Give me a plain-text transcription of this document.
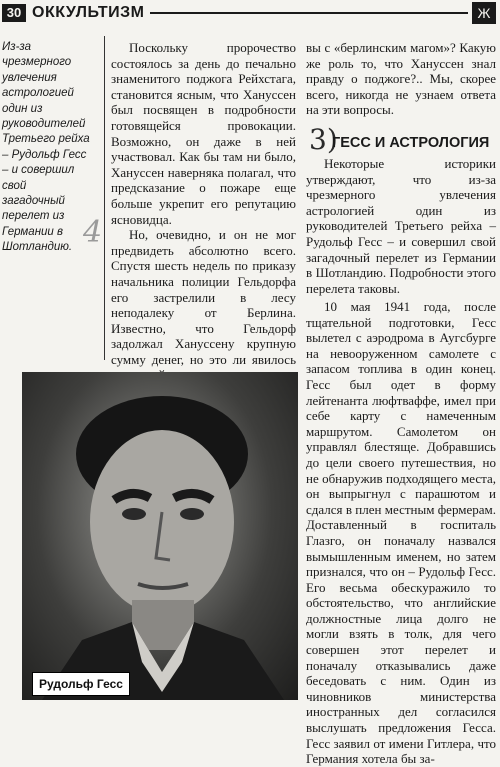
30 ОККУЛЬТИЗМ	Ж
Из-за чрезмерного увлечения астрологией один из руководителей Третьего рейха – Рудольф Гесс – и совершил свой загадочный перелет из Германии в Шотландию. 4

Поскольку пророчество состоялось за день до печально знаменитого поджога Рейхстага, становится ясным, что Хануссен был посвящен в подробности готовящейся провокации. Возможно, он даже в ней участвовал. Как бы там ни было, Хануссен наверняка полагал, что предсказание о пожаре еще больше укрепит его репутацию ясновидца.

Но, очевидно, и он не мог предвидеть абсолютно всего. Спустя шесть недель по приказу начальника полиции Гельдорфа его застрелили в лесу неподалеку от Берлина. Известно, что Гельдорф задолжал Хануссену крупную сумму денег, но это ли явилось

вы с «берлинским магом»? Какую же роль то, что Хануссен знал правду о поджоге?.. Мы, скорее всего, никогда не узнаем ответа на эти вопросы.

3)
ГЕСС И АСТРОЛОГИЯ

Некоторые историки утверждают, что из-за чрезмерного увлечения астрологией один из руководителей Третьего рейха – Рудольф Гесс – и совершил свой загадочный перелет из Германии в Шотландию. Подробности этого перелета таковы.

10 мая 1941 года, после тщательной подготовки, Гесс вылетел с аэродрома в Аугсбурге на невооруженном самолете с запасом топлива в один конец. Гесс был одет в форму лейтенанта люфтваффе, имел при себе карту с намеченным маршрутом. Самолетом он управлял блестяще. Добравшись до цели своего путешествия, но не обнаружив подходящего места, он выпрыгнул с парашютом и сдался в плен местным фермерам. Доставленный в госпиталь Глазго, он поначалу назвался вымышленным именем, но затем признался, что он – Рудольф Гесс. Его весьма обескуражило то обстоятельство, что английские должностные лица долго не могли взять в толк, для чего совершен этот перелет и поначалу отказывались даже беседовать с ним. Один из чиновников министерства иностранных дел согласился выслушать предложения Гесса. Гесс заявил от имени Гитлера, что Германия хотела бы за-

Рудольф Гесс
